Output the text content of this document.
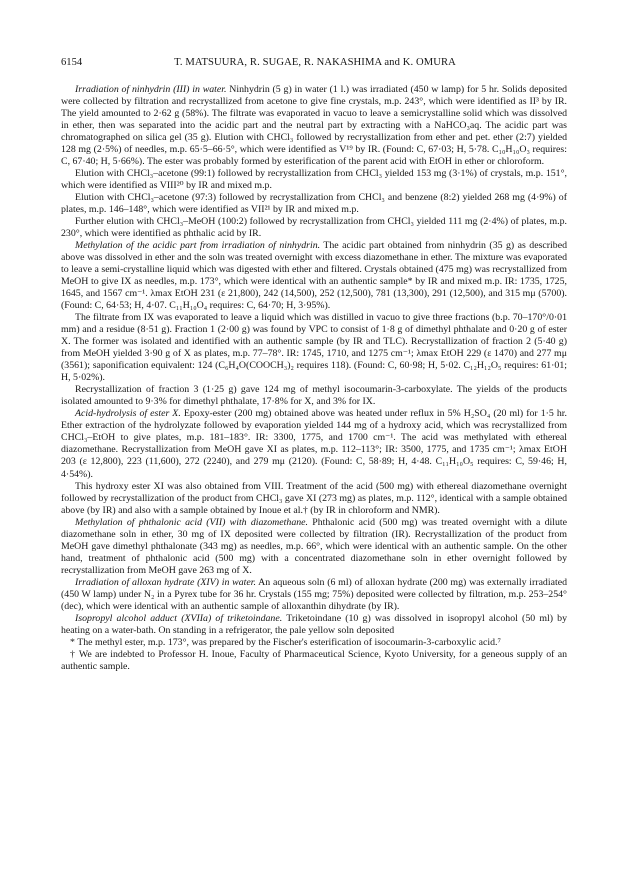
6154	T. MATSUURA, R. SUGAE, R. NAKASHIMA and K. OMURA

Irradiation of ninhydrin (III) in water. Ninhydrin (5 g) in water (1 l.) was irradiated (450 w lamp) for 5 hr. Solids deposited were collected by filtration and recrystallized from acetone to give fine crystals, m.p. 243°, which were identified as II³ by IR. The yield amounted to 2·62 g (58%). The filtrate was evaporated in vacuo to leave a semicrystalline solid which was dissolved in ether, then was separated into the acidic part and the neutral part by extracting with a NaHCO₃aq. The acidic part was chromatographed on silica gel (35 g). Elution with CHCl₃ followed by recrystallization from ether and pet. ether (2:7) yielded 128 mg (2·5%) of needles, m.p. 65·5–66·5°, which were identified as V¹⁹ by IR. (Found: C, 67·03; H, 5·78. C₁₀H₁₀O₃ requires: C, 67·40; H, 5·66%). The ester was probably formed by esterification of the parent acid with EtOH in ether or chloroform.

Elution with CHCl₃–acetone (99:1) followed by recrystallization from CHCl₃ yielded 153 mg (3·1%) of crystals, m.p. 151°, which were identified as VIII²⁰ by IR and mixed m.p.

Elution with CHCl₃–acetone (97:3) followed by recrystallization from CHCl₃ and benzene (8:2) yielded 268 mg (4·9%) of plates, m.p. 146–148°, which were identified as VII²¹ by IR and mixed m.p.

Further elution with CHCl₃–MeOH (100:2) followed by recrystallization from CHCl₃ yielded 111 mg (2·4%) of plates, m.p. 230°, which were identified as phthalic acid by IR.

Methylation of the acidic part from irradiation of ninhydrin. The acidic part obtained from ninhydrin (35 g) as described above was dissolved in ether and the soln was treated overnight with excess diazomethane in ether. The mixture was evaporated to leave a semi-crystalline liquid which was digested with ether and filtered. Crystals obtained (475 mg) was recrystallized from MeOH to give IX as needles, m.p. 173°, which were identical with an authentic sample* by IR and mixed m.p. IR: 1735, 1725, 1645, and 1567 cm⁻¹. λmax EtOH 231 (ε 21,800), 242 (14,500), 252 (12,500), 781 (13,300), 291 (12,500), and 315 mμ (5700). (Found: C, 64·53; H, 4·07. C₁₁H₁₀O₄ requires: C, 64·70; H, 3·95%).

The filtrate from IX was evaporated to leave a liquid which was distilled in vacuo to give three fractions (b.p. 70–170°/0·01 mm) and a residue (8·51 g). Fraction 1 (2·00 g) was found by VPC to consist of 1·8 g of dimethyl phthalate and 0·20 g of ester X. The former was isolated and identified with an authentic sample (by IR and TLC). Recrystallization of fraction 2 (5·40 g) from MeOH yielded 3·90 g of X as plates, m.p. 77–78°. IR: 1745, 1710, and 1275 cm⁻¹; λmax EtOH 229 (ε 1470) and 277 mμ (3561); saponification equivalent: 124 (C₆H₄O(COOCH₃)₂ requires 118). (Found: C, 60·98; H, 5·02. C₁₂H₁₂O₅ requires: 61·01; H, 5·02%).

Recrystallization of fraction 3 (1·25 g) gave 124 mg of methyl isocoumarin-3-carboxylate. The yields of the products isolated amounted to 9·3% for dimethyl phthalate, 17·8% for X, and 3% for IX.

Acid-hydrolysis of ester X. Epoxy-ester (200 mg) obtained above was heated under reflux in 5% H₂SO₄ (20 ml) for 1·5 hr. Ether extraction of the hydrolyzate followed by evaporation yielded 144 mg of a hydroxy acid, which was recrystallized from CHCl₃–EtOH to give plates, m.p. 181–183°. IR: 3300, 1775, and 1700 cm⁻¹. The acid was methylated with ethereal diazomethane. Recrystallization from MeOH gave XI as plates, m.p. 112–113°; IR: 3500, 1775, and 1735 cm⁻¹; λmax EtOH 203 (ε 12,800), 223 (11,600), 272 (2240), and 279 mμ (2120). (Found: C, 58·89; H, 4·48. C₁₁H₁₀O₅ requires: C, 59·46; H, 4·54%).

This hydroxy ester XI was also obtained from VIII. Treatment of the acid (500 mg) with ethereal diazomethane overnight followed by recrystallization of the product from CHCl₃ gave XI (273 mg) as plates, m.p. 112°, identical with a sample obtained above (by IR) and also with a sample obtained by Inoue et al.† (by IR in chloroform and NMR).

Methylation of phthalonic acid (VII) with diazomethane. Phthalonic acid (500 mg) was treated overnight with a dilute diazomethane soln in ether, 30 mg of IX deposited were collected by filtration (IR). Recrystallization of the product from MeOH gave dimethyl phthalonate (343 mg) as needles, m.p. 66°, which were identical with an authentic sample. On the other hand, treatment of phthalonic acid (500 mg) with a concentrated diazomethane soln in ether overnight followed by recrystallization from MeOH gave 263 mg of X.

Irradiation of alloxan hydrate (XIV) in water. An aqueous soln (6 ml) of alloxan hydrate (200 mg) was externally irradiated (450 W lamp) under N₂ in a Pyrex tube for 36 hr. Crystals (155 mg; 75%) deposited were collected by filtration, m.p. 253–254° (dec), which were identical with an authentic sample of alloxanthin dihydrate (by IR).

Isopropyl alcohol adduct (XVIIa) of triketoindane. Triketoindane (10 g) was dissolved in isopropyl alcohol (50 ml) by heating on a water-bath. On standing in a refrigerator, the pale yellow soln deposited

* The methyl ester, m.p. 173°, was prepared by the Fischer's esterification of isocoumarin-3-carboxylic acid.⁷

† We are indebted to Professor H. Inoue, Faculty of Pharmaceutical Science, Kyoto University, for a geneous supply of an authentic sample.
